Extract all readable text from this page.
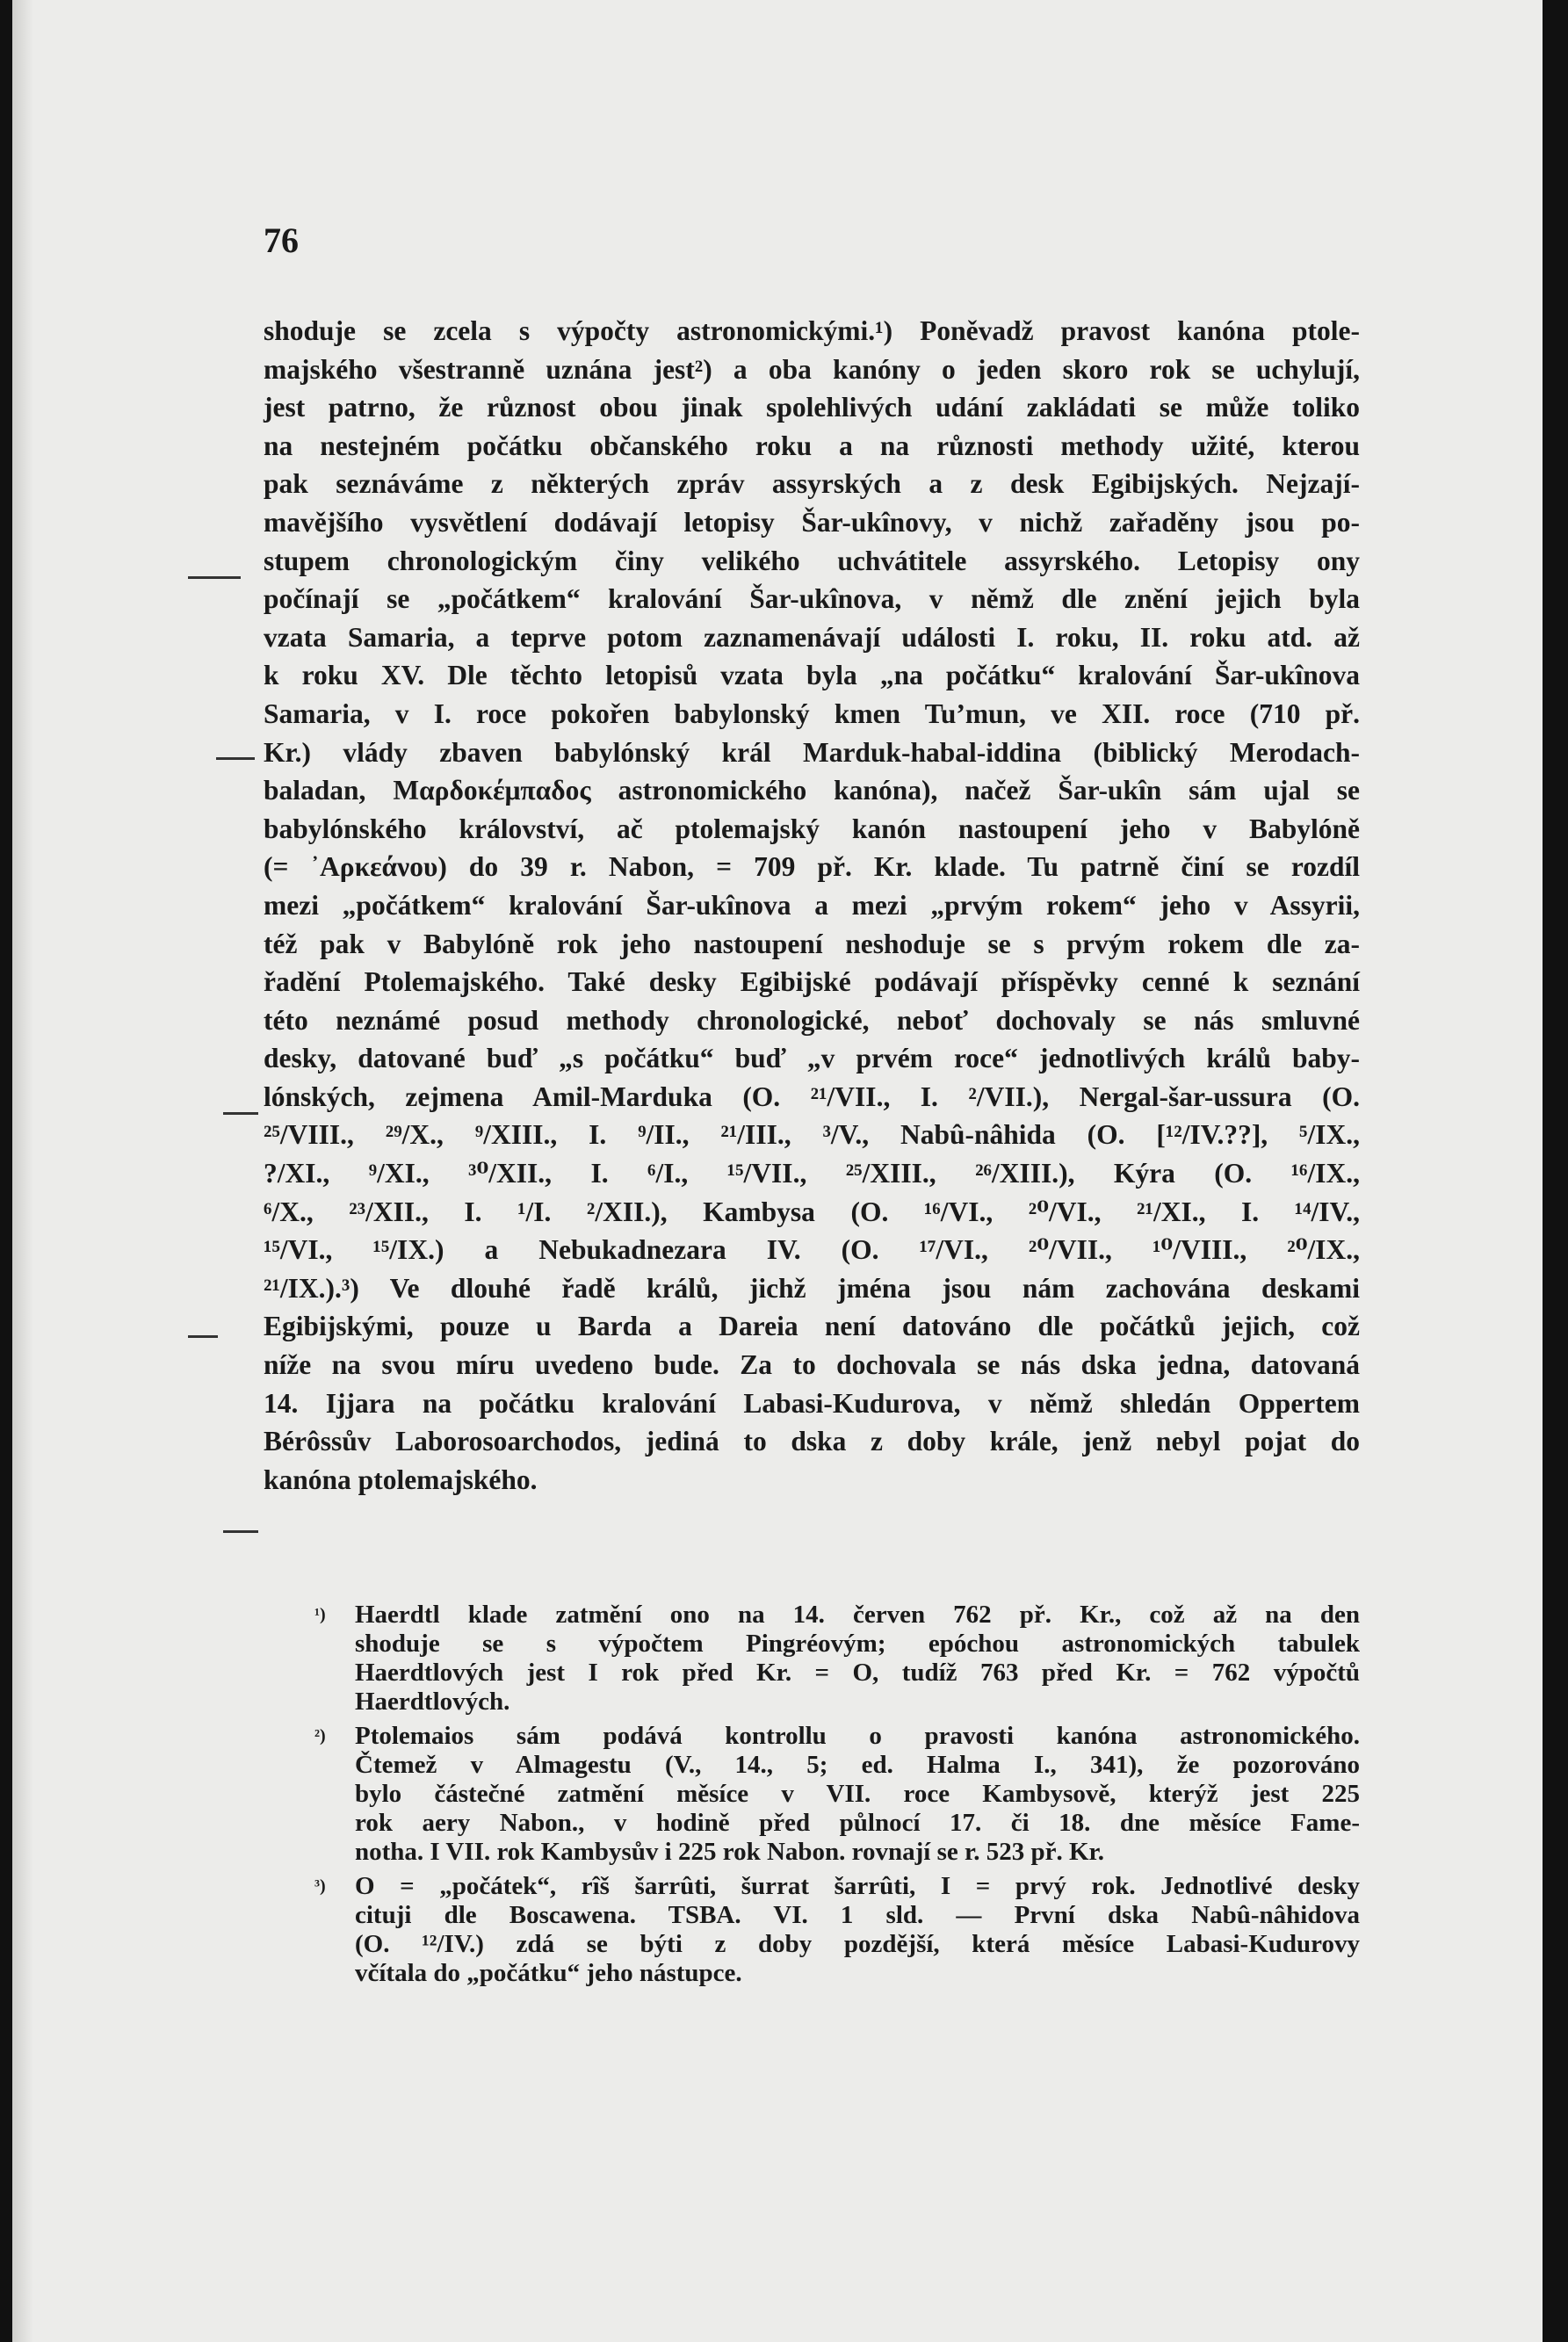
76
shoduje se zcela s výpočty astronomickými.¹) Poněvadž pravost kanóna ptole-
majského všestranně uznána jest²) a oba kanóny o jeden skoro rok se uchylují,
jest patrno, že různost obou jinak spolehlivých udání zakládati se může toliko
na nestejném počátku občanského roku a na různosti methody užité, kterou
pak seznáváme z některých zpráv assyrských a z desk Egibijských. Nejzají-
mavějšího vysvětlení dodávají letopisy Šar-ukînovy, v nichž zařaděny jsou po-
stupem chronologickým činy velikého uchvátitele assyrského. Letopisy ony
počínají se „počátkem“ kralování Šar-ukînova, v němž dle znění jejich byla
vzata Samaria, a teprve potom zaznamenávají události I. roku, II. roku atd. až
k roku XV. Dle těchto letopisů vzata byla „na počátku“ kralování Šar-ukînova
Samaria, v I. roce pokořen babylonský kmen Tu’mun, ve XII. roce (710 př.
Kr.) vlády zbaven babylónský král Marduk-habal-iddina (biblický Merodach-
baladan, Μαρδοκέμπαδος astronomického kanóna), načež Šar-ukîn sám ujal se
babylónského království, ač ptolemajský kanón nastoupení jeho v Babylóně
(= ᾿Αρκεάνου) do 39 r. Nabon, = 709 př. Kr. klade. Tu patrně činí se rozdíl
mezi „počátkem“ kralování Šar-ukînova a mezi „prvým rokem“ jeho v Assyrii,
též pak v Babylóně rok jeho nastoupení neshoduje se s prvým rokem dle za-
řadění Ptolemajského. Také desky Egibijské podávají příspěvky cenné k seznání
této neznámé posud methody chronologické, neboť dochovaly se nás smluvné
desky, datované buď „s počátku“ buď „v prvém roce“ jednotlivých králů baby-
lónských, zejmena Amil-Marduka (O. ²¹/VII., I. ²/VII.), Nergal-šar-ussura (O.
²⁵/VIII., ²⁹/X., ⁹/XIII., I. ⁹/II., ²¹/III., ³/V., Nabû-nâhida (O. [¹²/IV.??], ⁵/IX.,
?/XI., ⁹/XI., ³⁰/XII., I. ⁶/I., ¹⁵/VII., ²⁵/XIII., ²⁶/XIII.), Kýra (O. ¹⁶/IX.,
⁶/X., ²³/XII., I. ¹/I. ²/XII.), Kambysa (O. ¹⁶/VI., ²⁰/VI., ²¹/XI., I. ¹⁴/IV.,
¹⁵/VI., ¹⁵/IX.) a Nebukadnezara IV. (O. ¹⁷/VI., ²⁰/VII., ¹⁰/VIII., ²⁰/IX.,
²¹/IX.).³) Ve dlouhé řadě králů, jichž jména jsou nám zachována deskami
Egibijskými, pouze u Barda a Dareia není datováno dle počátků jejich, což
níže na svou míru uvedeno bude. Za to dochovala se nás dska jedna, datovaná
14. Ijjara na počátku kralování Labasi-Kudurova, v němž shledán Oppertem
Bérôssův Laborosoarchodos, jediná to dska z doby krále, jenž nebyl pojat do
kanóna ptolemajského.
¹) Haerdtl klade zatmění ono na 14. červen 762 př. Kr., což až na den
shoduje se s výpočtem Pingréovým; epóchou astronomických tabulek
Haerdtlových jest I rok před Kr. = O, tudíž 763 před Kr. = 762 výpočtů
Haerdtlových.
²) Ptolemaios sám podává kontrollu o pravosti kanóna astronomického.
Čtemež v Almagestu (V., 14., 5; ed. Halma I., 341), že pozorováno
bylo částečné zatmění měsíce v VII. roce Kambysově, kterýž jest 225
rok aery Nabon., v hodině před půlnocí 17. či 18. dne měsíce Fame-
notha. I VII. rok Kambysův i 225 rok Nabon. rovnají se r. 523 př. Kr.
³) O = „počátek“, rîš šarrûti, šurrat šarrûti, I = prvý rok. Jednotlivé desky
cituji dle Boscawena. TSBA. VI. 1 sld. — První dska Nabû-nâhidova
(O. ¹²/IV.) zdá se býti z doby pozdější, která měsíce Labasi-Kudurovy
včítala do „počátku“ jeho nástupce.
